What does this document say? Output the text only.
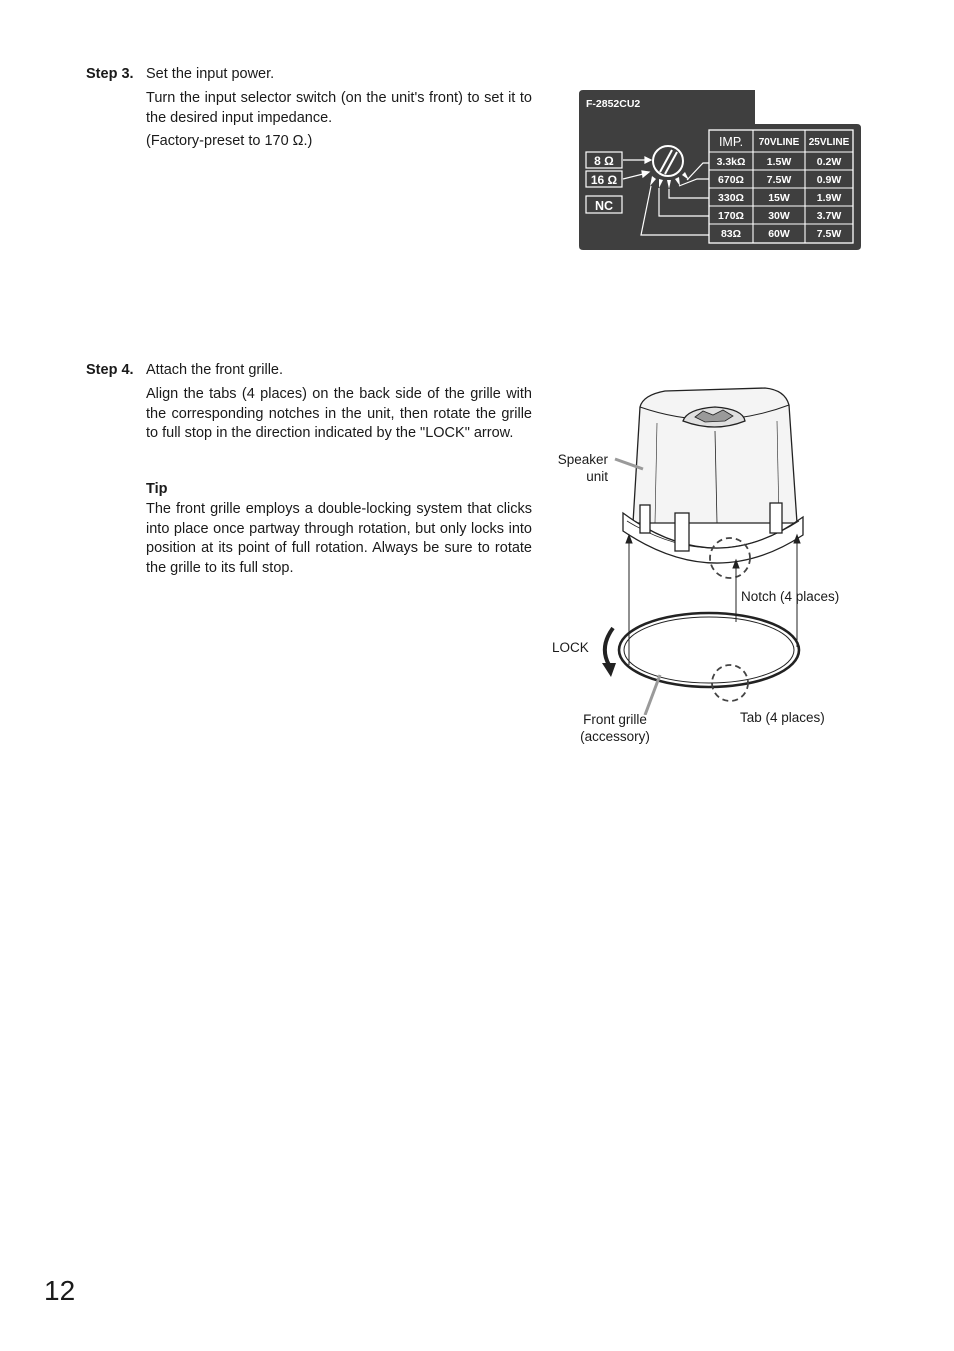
Step 3. Set the input power.

Turn the input selector switch (on the unit's front) to set it to the desired input impedance.

(Factory-preset to 170 Ω.)

F-2852CU2
8 Ω
16 Ω
NC
IMP. 70VLINE 25VLINE
3.3kΩ 1.5W 0.2W
670Ω 7.5W 0.9W
330Ω 15W	1.9W
170Ω 30W	3.7W
83Ω	60W	7.5W
Step 4. Attach the front grille.

Align the tabs (4 places) on the back side of the grille with the corresponding notches in the unit, then rotate the grille to full stop in the direction indicated by the "LOCK" arrow.

Tip

The front grille employs a double-locking system that clicks into place once partway through rotation, but only locks into position at its point of full rotation. Always be sure to rotate the grille to its full stop.

Speaker
unit
Notch (4 places)
LOCK
Front grille
(accessory)
Tab (4 places)
12
